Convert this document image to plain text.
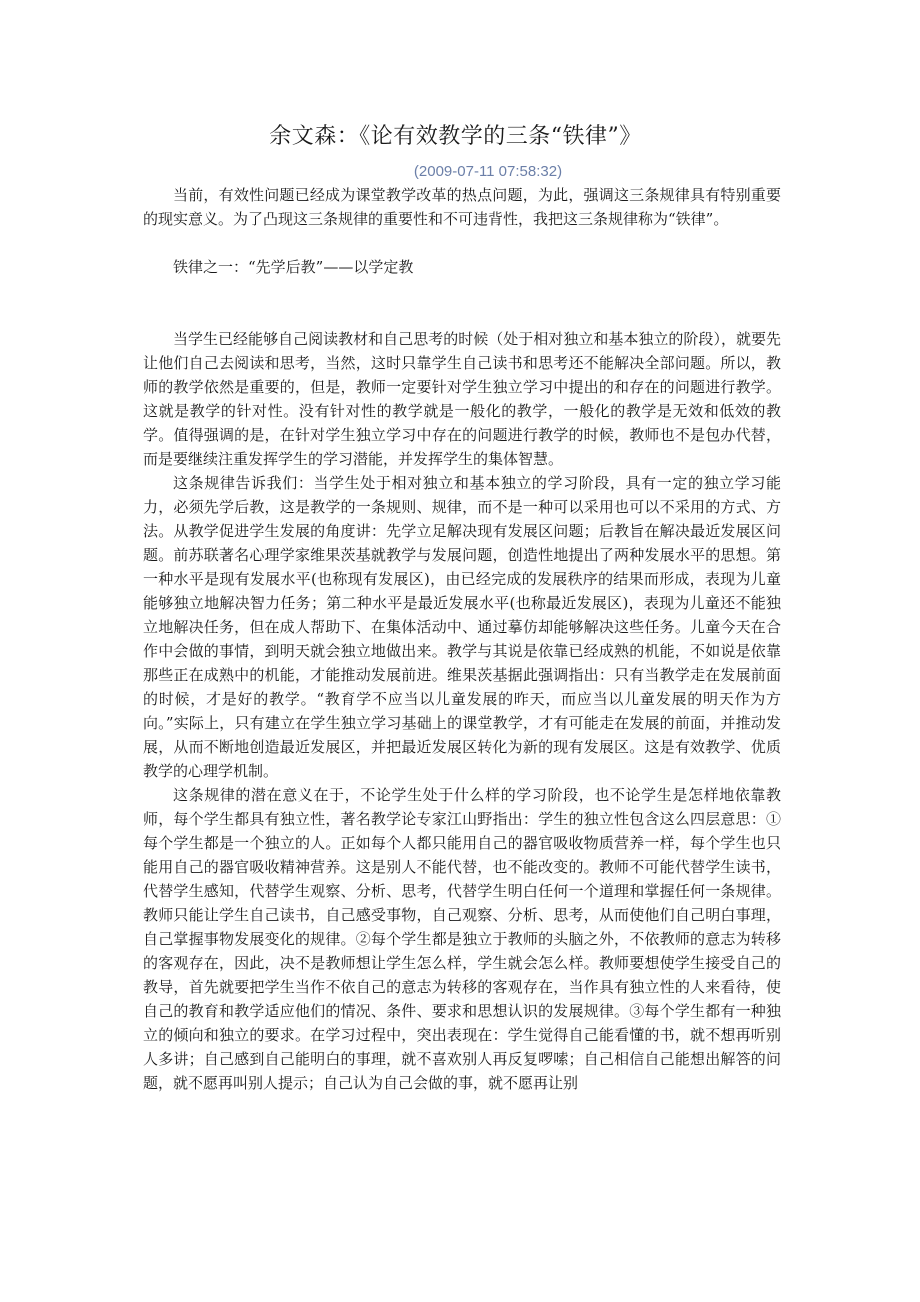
余文森：《论有效教学的三条“铁律”》
(2009-07-11 07:58:32)

当前，有效性问题已经成为课堂教学改革的热点问题，为此，强调这三条规律具有特别重要的现实意义。为了凸现这三条规律的重要性和不可违背性，我把这三条规律称为“铁律”。

铁律之一：“先学后教”——以学定教

当学生已经能够自己阅读教材和自己思考的时候（处于相对独立和基本独立的阶段），就要先让他们自己去阅读和思考，当然，这时只靠学生自己读书和思考还不能解决全部问题。所以，教师的教学依然是重要的，但是，教师一定要针对学生独立学习中提出的和存在的问题进行教学。这就是教学的针对性。没有针对性的教学就是一般化的教学，一般化的教学是无效和低效的教学。值得强调的是，在针对学生独立学习中存在的问题进行教学的时候，教师也不是包办代替，而是要继续注重发挥学生的学习潜能，并发挥学生的集体智慧。

这条规律告诉我们：当学生处于相对独立和基本独立的学习阶段，具有一定的独立学习能力，必须先学后教，这是教学的一条规则、规律，而不是一种可以采用也可以不采用的方式、方法。从教学促进学生发展的角度讲：先学立足解决现有发展区问题；后教旨在解决最近发展区问题。前苏联著名心理学家维果茨基就教学与发展问题，创造性地提出了两种发展水平的思想。第一种水平是现有发展水平(也称现有发展区)，由已经完成的发展秩序的结果而形成，表现为儿童能够独立地解决智力任务；第二种水平是最近发展水平(也称最近发展区)，表现为儿童还不能独立地解决任务，但在成人帮助下、在集体活动中、通过摹仿却能够解决这些任务。儿童今天在合作中会做的事情，到明天就会独立地做出来。教学与其说是依靠已经成熟的机能，不如说是依靠那些正在成熟中的机能，才能推动发展前进。维果茨基据此强调指出：只有当教学走在发展前面的时候，才是好的教学。“教育学不应当以儿童发展的昨天，而应当以儿童发展的明天作为方向。”实际上，只有建立在学生独立学习基础上的课堂教学，才有可能走在发展的前面，并推动发展，从而不断地创造最近发展区，并把最近发展区转化为新的现有发展区。这是有效教学、优质教学的心理学机制。

这条规律的潜在意义在于，不论学生处于什么样的学习阶段，也不论学生是怎样地依靠教师，每个学生都具有独立性，著名教学论专家江山野指出：学生的独立性包含这么四层意思：①每个学生都是一个独立的人。正如每个人都只能用自己的器官吸收物质营养一样，每个学生也只能用自己的器官吸收精神营养。这是别人不能代替，也不能改变的。教师不可能代替学生读书，代替学生感知，代替学生观察、分析、思考，代替学生明白任何一个道理和掌握任何一条规律。教师只能让学生自己读书，自己感受事物，自己观察、分析、思考，从而使他们自己明白事理，自己掌握事物发展变化的规律。②每个学生都是独立于教师的头脑之外，不依教师的意志为转移的客观存在，因此，决不是教师想让学生怎么样，学生就会怎么样。教师要想使学生接受自己的教导，首先就要把学生当作不依自己的意志为转移的客观存在，当作具有独立性的人来看待，使自己的教育和教学适应他们的情况、条件、要求和思想认识的发展规律。③每个学生都有一种独立的倾向和独立的要求。在学习过程中，突出表现在：学生觉得自己能看懂的书，就不想再听别人多讲；自己感到自己能明白的事理，就不喜欢别人再反复啰嗦；自己相信自己能想出解答的问题，就不愿再叫别人提示；自己认为自己会做的事，就不愿再让别
